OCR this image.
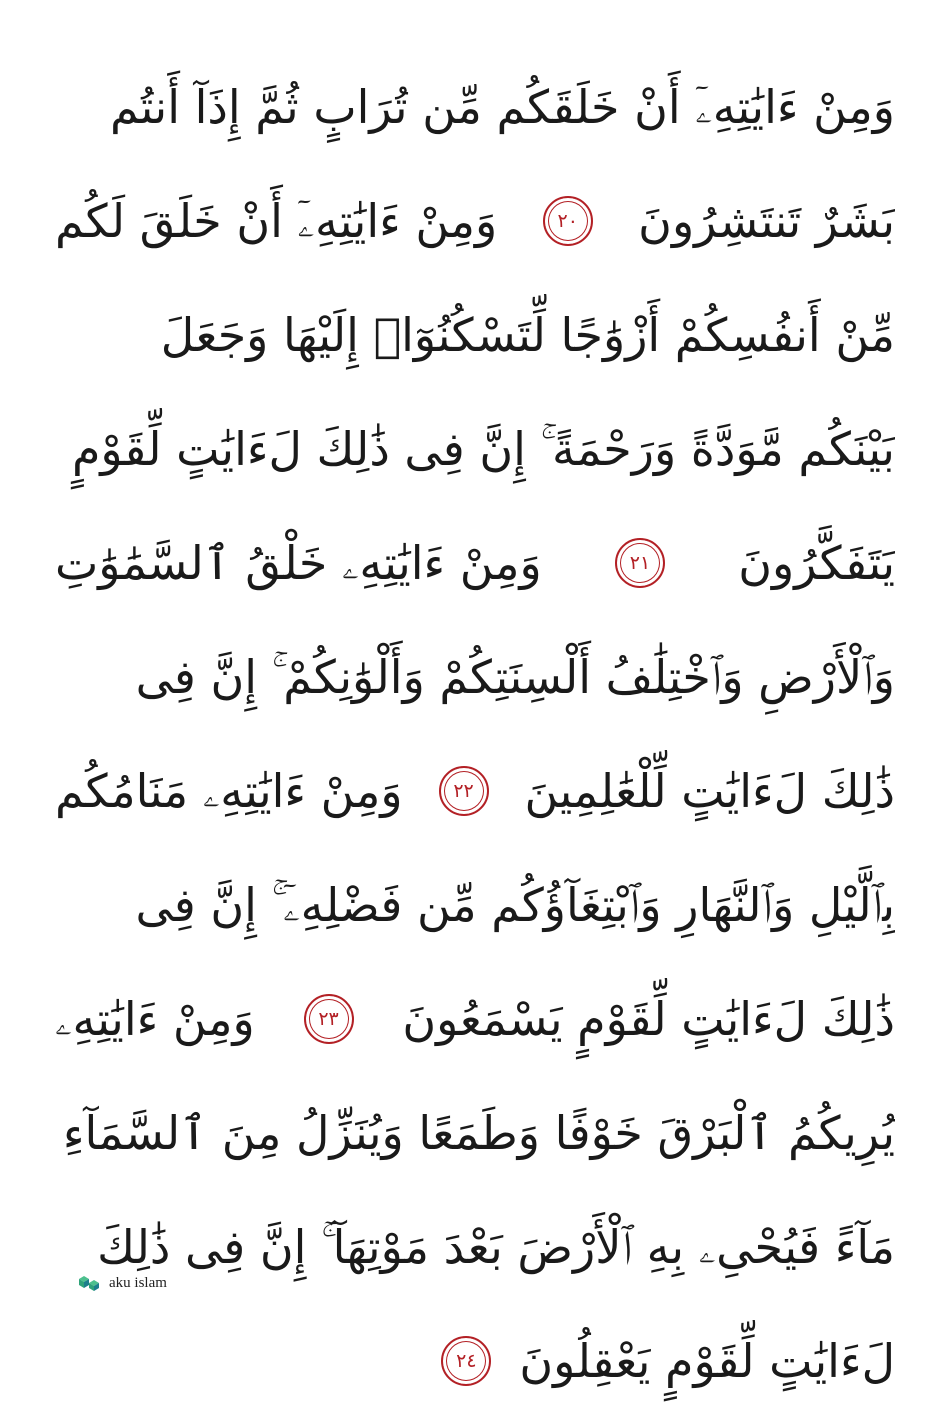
وَمِنْ ءَايَٰتِهِۦٓ أَنْ خَلَقَكُم مِّن تُرَابٍ ثُمَّ إِذَآ أَنتُم
بَشَرٌ تَنتَشِرُونَ
٢٠
وَمِنْ ءَايَٰتِهِۦٓ أَنْ خَلَقَ لَكُم
مِّنْ أَنفُسِكُمْ أَزْوَٰجًا لِّتَسْكُنُوٓا۟ إِلَيْهَا وَجَعَلَ
بَيْنَكُم مَّوَدَّةً وَرَحْمَةً ۚ إِنَّ فِى ذَٰلِكَ لَءَايَٰتٍ لِّقَوْمٍ
يَتَفَكَّرُونَ
٢١
وَمِنْ ءَايَٰتِهِۦ خَلْقُ ٱلسَّمَٰوَٰتِ
وَٱلْأَرْضِ وَٱخْتِلَٰفُ أَلْسِنَتِكُمْ وَأَلْوَٰنِكُمْ ۚ إِنَّ فِى
ذَٰلِكَ لَءَايَٰتٍ لِّلْعَٰلِمِينَ
٢٢
وَمِنْ ءَايَٰتِهِۦ مَنَامُكُم
بِٱلَّيْلِ وَٱلنَّهَارِ وَٱبْتِغَآؤُكُم مِّن فَضْلِهِۦٓ ۚ إِنَّ فِى
ذَٰلِكَ لَءَايَٰتٍ لِّقَوْمٍ يَسْمَعُونَ
٢٣
وَمِنْ ءَايَٰتِهِۦ
يُرِيكُمُ ٱلْبَرْقَ خَوْفًا وَطَمَعًا وَيُنَزِّلُ مِنَ ٱلسَّمَآءِ
مَآءً فَيُحْىِۦ بِهِ ٱلْأَرْضَ بَعْدَ مَوْتِهَآ ۚ إِنَّ فِى ذَٰلِكَ
لَءَايَٰتٍ لِّقَوْمٍ يَعْقِلُونَ
٢٤
aku islam
